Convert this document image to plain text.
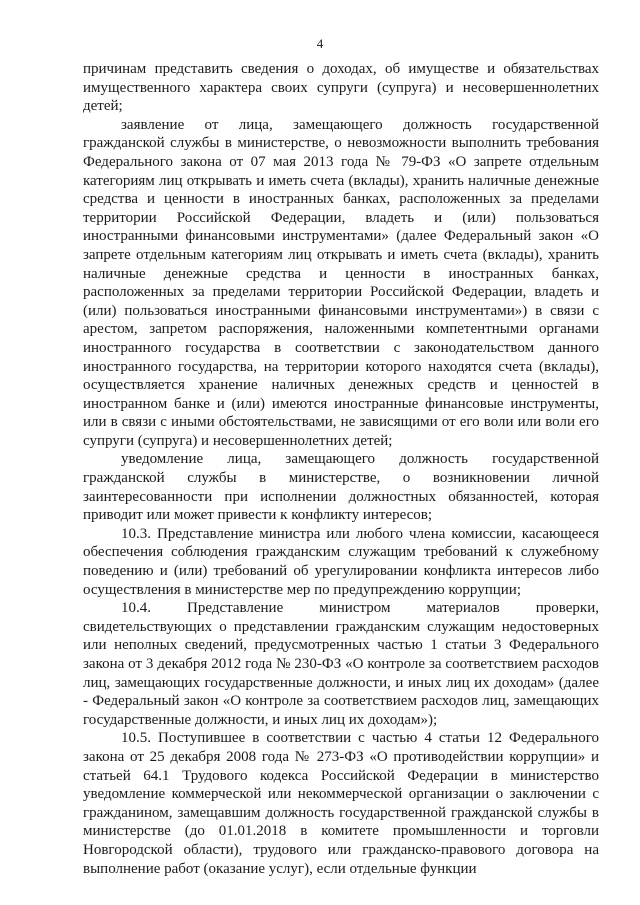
4

причинам представить сведения о доходах, об имуществе и обязательствах имущественного характера своих супруги (супруга) и несовершеннолетних детей;

заявление от лица, замещающего должность государственной гражданской службы в министерстве, о невозможности выполнить требования Федерального закона от 07 мая 2013 года № 79-ФЗ «О запрете отдельным категориям лиц открывать и иметь счета (вклады), хранить наличные денежные средства и ценности в иностранных банках, расположенных за пределами территории Российской Федерации, владеть и (или) пользоваться иностранными финансовыми инструментами» (далее Федеральный закон «О запрете отдельным категориям лиц открывать и иметь счета (вклады), хранить наличные денежные средства и ценности в иностранных банках, расположенных за пределами территории Российской Федерации, владеть и (или) пользоваться иностранными финансовыми инструментами») в связи с арестом, запретом распоряжения, наложенными компетентными органами иностранного государства в соответствии с законодательством данного иностранного государства, на территории которого находятся счета (вклады), осуществляется хранение наличных денежных средств и ценностей в иностранном банке и (или) имеются иностранные финансовые инструменты, или в связи с иными обстоятельствами, не зависящими от его воли или воли его супруги (супруга) и несовершеннолетних детей;

уведомление лица, замещающего должность государственной гражданской службы в министерстве, о возникновении личной заинтересованности при исполнении должностных обязанностей, которая приводит или может привести к конфликту интересов;

10.3. Представление министра или любого члена комиссии, касающееся обеспечения соблюдения гражданским служащим требований к служебному поведению и (или) требований об урегулировании конфликта интересов либо осуществления в министерстве мер по предупреждению коррупции;

10.4. Представление министром материалов проверки, свидетельствующих о представлении гражданским служащим недостоверных или неполных сведений, предусмотренных частью 1 статьи 3 Федерального закона от 3 декабря 2012 года № 230-ФЗ «О контроле за соответствием расходов лиц, замещающих государственные должности, и иных лиц их доходам» (далее - Федеральный закон «О контроле за соответствием расходов лиц, замещающих государственные должности, и иных лиц их доходам»);

10.5. Поступившее в соответствии с частью 4 статьи 12 Федерального закона от 25 декабря 2008 года № 273-ФЗ «О противодействии коррупции» и статьей 64.1 Трудового кодекса Российской Федерации в министерство уведомление коммерческой или некоммерческой организации о заключении с гражданином, замещавшим должность государственной гражданской службы в министерстве (до 01.01.2018 в комитете промышленности и торговли Новгородской области), трудового или гражданско-правового договора на выполнение работ (оказание услуг), если отдельные функции
